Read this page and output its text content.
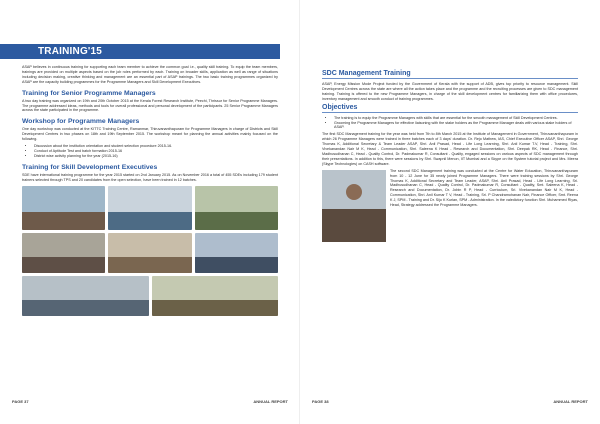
TRAINING'15

ASAP believes in continuous training for supporting each team member to achieve the common goal i.e., quality skill training. To equip the team members, trainings are provided on multiple aspects based on the job roles performed by each. Training on broader skills, application as well as range of situations including decision making, creative thinking and management are an essential part of ASAP trainings. The two basic training programmes organized by ASAP are the capacity building programmes for the Programme Managers and Skill Development Executives.

Training for Senior Programme Managers

A two day training was organized on 19th and 20th October 2015 at the Kerala Forest Research Institute, Peechi, Thrissur for Senior Programme Managers. The programme addressed ideas, methods and tools for overall professional and personal development of the participants. 25 Senior Programme Managers across the state participated in the programme.

Workshop for Programme Managers

One day workshop was conducted at the KITTC Training Centre, Ramanmar, Thiruvananthapuram for Programme Managers in charge of Districts and Skill Development Centres in two phases on 18th and 19th September 2015. The workshop meant for planning the annual activities mainly focused on the following.

• Discussion about the institution orientation and student selection procedure 2015-16.
• Conduct of Aptitude Test and batch formation 2015-16
• District wise activity planning for the year (2015-16)
Training for Skill Development Executives

SDE have international training programme for the year 2015 started on 2nd January 2015. As on November 2016 a total of 455 SDEs including 179 student trainers selected through TPS and 20 candidates from the open selection, have been trained in 12 batches.

PAGE 37	ANNUAL REPORT
SDC Management Training

ASAP, Energy Mission Mode Project funded by the Government of Kerala with the support of ADB, gives top priority to resource management. Skill Development Centres across the state are where all the action takes place and the programme and the recruiting processes are given to SDC management training. Training is offered to the new Programme Managers, in charge of the skill development centres for familiarizing them with office procedures, inventory management and smooth conduct of training programmes.

Objectives
• The training is to equip the Programme Managers with skills that are essential for the smooth management of Skill Development Centres.
• Grooming the Programme Managers for effective liaisoning with the stake holders as the Programme Manager deals with various stake holders of ASAP.

The first SDC Management training for the year was held from 7th to 8th March 2015 at the Institute of Management in Government, Thiruvananthapuram in which 26 Programme Managers were trained in three batches each of 3 days' duration. Dr. Rejo Mathew, IAS, Chief Executive Officer ASAP, Shri. George Thomas K, Additional Secretary & Team Leader ASAP, Shri. Anil Prasad, Head - Life Long Learning, Shri. Anil Kumar T.V, Head - Training, Shri. Vivekanandan Nair M K, Head - Communication, Shri. Saleena K Head - Research and Documentation, Shri. Deepak RK, Head - Finance, Shri. Madhusudhanan C, Head - Quality Control, Dr. Padmakumar R, Consultant - Quality, engaged sessions on various aspects of SDC management through their presentations. In addition to this, there were sessions by Shri. Swapnil Menon, IIT Mumbai and a Skype on the System tutorial project and Mrs. Meera (Skype Technologies) on CASH software.

The second SDC Management training was conducted at the Centre for Water Education, Thiruvananthapuram from 10 - 12 June for 35 newly joined Programme Managers. There were training sessions by Shri. George Thomas K, Additional Secretary and Team Leader, ASAP, Shri. Anil Prasad, Head - Life Long Learning, Sri. Madhusudhanan C, Head - Quality Control, Dr. Padmakumar R, Consultant - Quality, Smt. Saleena K, Head - Research and Documentation, Dr. Jobin R P, Head - Curriculum, Sri. Vivekanandan Nair M K, Head - Communication, Shri. Anil Kumar T V, Head - Training, Sri. P Chandramohanan Nair, Finance Officer, Smt. Reena K J, SPM - Training and Dr. Sijo K Kurian, SPM - Administration. In the valedictory function Shri. Muhammed Riyas, Head, Strategy addressed the Programme Managers.

PAGE 38	ANNUAL REPORT
